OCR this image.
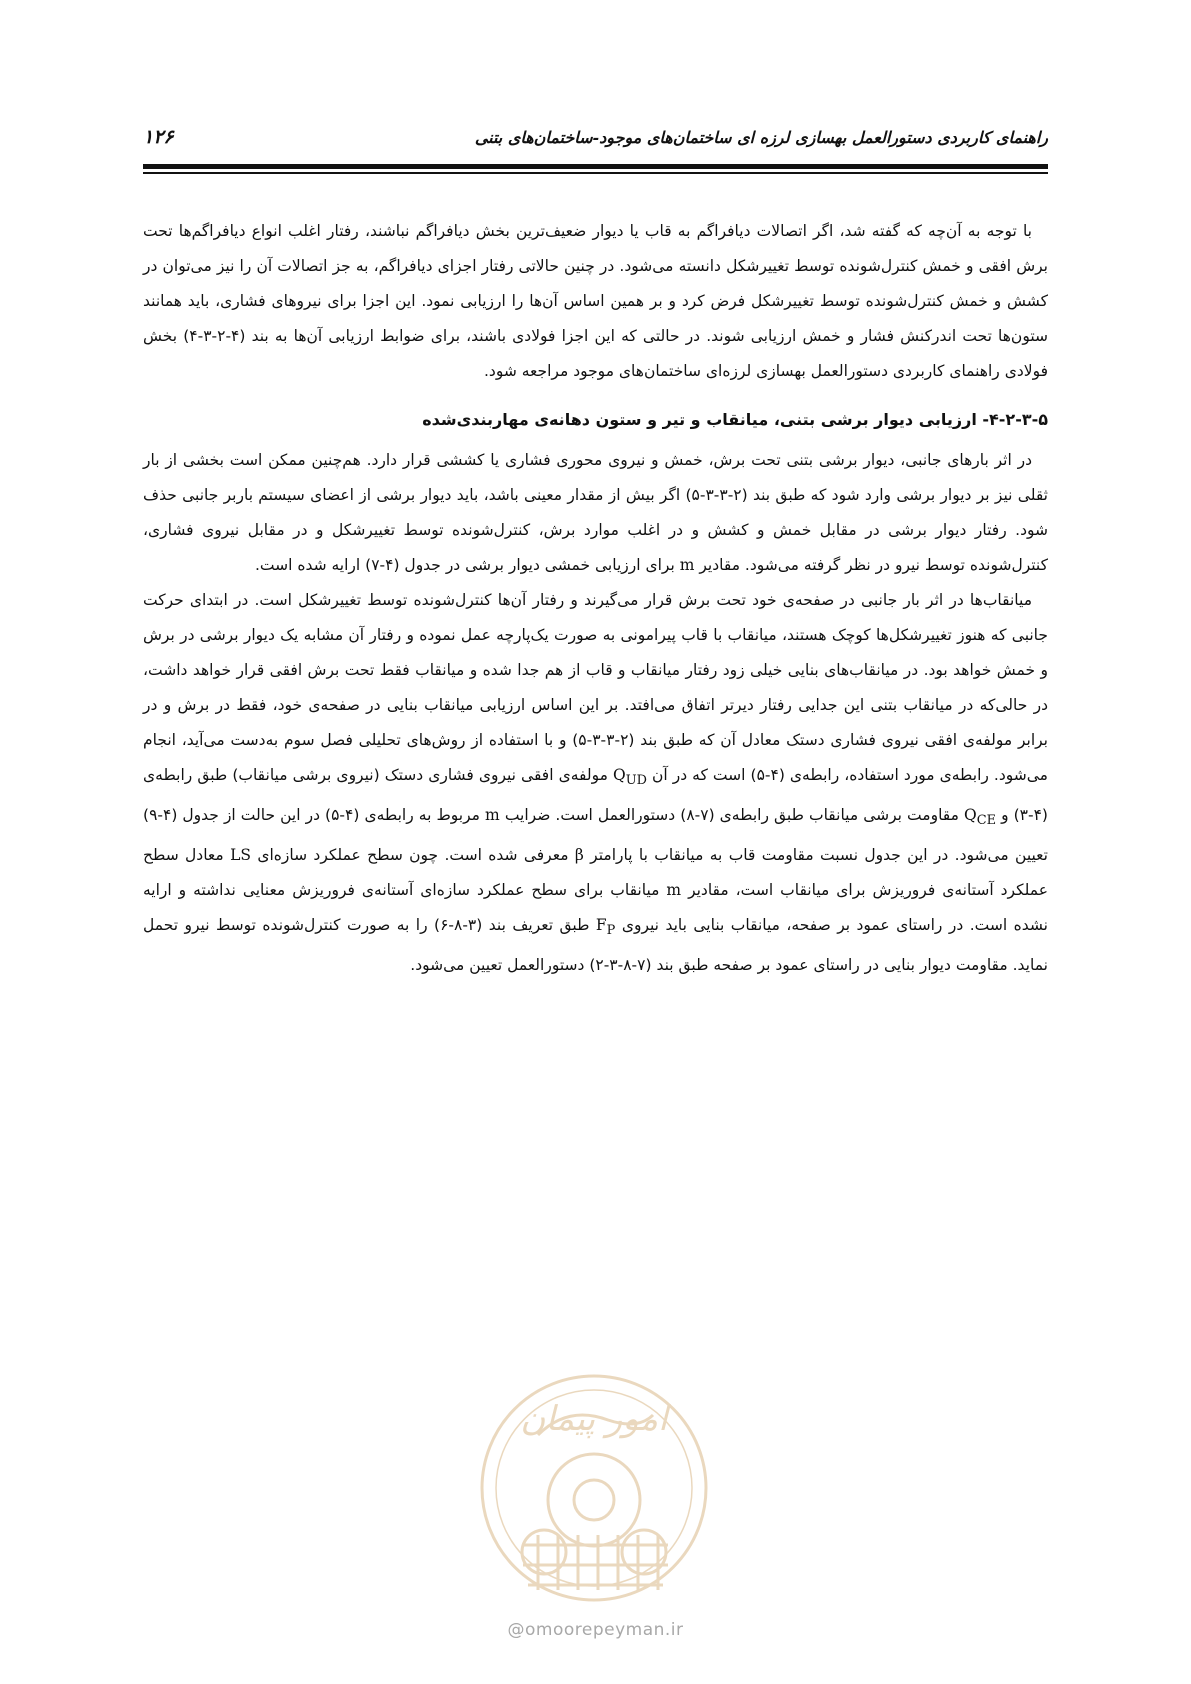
راهنمای کاربردی دستورالعمل بهسازی لرزه ای ساختمان‌های موجود-ساختمان‌های بتنی
۱۲۶

با توجه به آن‌چه که گفته شد، اگر اتصالات دیافراگم به قاب یا دیوار ضعیف‌ترین بخش دیافراگم نباشند، رفتار اغلب انواع دیافراگم‌ها تحت برش افقی و خمش کنترل‌شونده توسط تغییرشکل دانسته می‌شود. در چنین حالاتی رفتار اجزای دیافراگم، به جز اتصالات آن را نیز می‌توان در کشش و خمش کنترل‌شونده توسط تغییرشکل فرض کرد و بر همین اساس آن‌ها را ارزیابی نمود. این اجزا برای نیروهای فشاری، باید همانند ستون‌ها تحت اندرکنش فشار و خمش ارزیابی شوند. در حالتی که این اجزا فولادی باشند، برای ضوابط ارزیابی آن‌ها به بند (۴-۲-۳-۴) بخش فولادی راهنمای کاربردی دستورالعمل بهسازی لرزه‌ای ساختمان‌های موجود مراجعه شود.

۴-۲-۳-۵- ارزیابی دیوار برشی بتنی، میانقاب و تیر و ستون دهانه‌ی مهاربندی‌شده

در اثر بارهای جانبی، دیوار برشی بتنی تحت برش، خمش و نیروی محوری فشاری یا کششی قرار دارد. هم‌چنین ممکن است بخشی از بار ثقلی نیز بر دیوار برشی وارد شود که طبق بند (۲-۳-۳-۵) اگر بیش از مقدار معینی باشد، باید دیوار برشی از اعضای سیستم باربر جانبی حذف شود. رفتار دیوار برشی در مقابل خمش و کشش و در اغلب موارد برش، کنترل‌شونده توسط تغییرشکل و در مقابل نیروی فشاری، کنترل‌شونده توسط نیرو در نظر گرفته می‌شود. مقادیر m برای ارزیابی خمشی دیوار برشی در جدول (۴-۷) ارایه شده است.

میانقاب‌ها در اثر بار جانبی در صفحه‌ی خود تحت برش قرار می‌گیرند و رفتار آن‌ها کنترل‌شونده توسط تغییرشکل است. در ابتدای حرکت جانبی که هنوز تغییرشکل‌ها کوچک هستند، میانقاب با قاب پیرامونی به صورت یک‌پارچه عمل نموده و رفتار آن مشابه یک دیوار برشی در برش و خمش خواهد بود. در میانقاب‌های بنایی خیلی زود رفتار میانقاب و قاب از هم جدا شده و میانقاب فقط تحت برش افقی قرار خواهد داشت، در حالی‌که در میانقاب بتنی این جدایی رفتار دیرتر اتفاق می‌افتد. بر این اساس ارزیابی میانقاب بنایی در صفحه‌ی خود، فقط در برش و در برابر مولفه‌ی افقی نیروی فشاری دستک معادل آن که طبق بند (۲-۳-۳-۵) و با استفاده از روش‌های تحلیلی فصل سوم به‌دست می‌آید، انجام می‌شود. رابطه‌ی مورد استفاده، رابطه‌ی (۴-۵) است که در آن $Q_{UD}$ مولفه‌ی افقی نیروی فشاری دستک (نیروی برشی میانقاب) طبق رابطه‌ی (۴-۳) و $Q_{CE}$ مقاومت برشی میانقاب طبق رابطه‌ی (۷-۸) دستورالعمل است. ضرایب m مربوط به رابطه‌ی (۴-۵) در این حالت از جدول (۴-۹) تعیین می‌شود. در این جدول نسبت مقاومت قاب به میانقاب با پارامتر β معرفی شده است. چون سطح عملکرد سازه‌ای LS معادل سطح عملکرد آستانه‌ی فروریزش برای میانقاب است، مقادیر m میانقاب برای سطح عملکرد سازه‌ای آستانه‌ی فروریزش معنایی نداشته و ارایه نشده است. در راستای عمود بر صفحه، میانقاب بنایی باید نیروی $F_P$ طبق تعریف بند (۳-۸-۶) را به صورت کنترل‌شونده توسط نیرو تحمل نماید. مقاومت دیوار بنایی در راستای عمود بر صفحه طبق بند (۷-۸-۳-۲) دستورالعمل تعیین می‌شود.

امور پیمان
@omoorepeyman.ir
